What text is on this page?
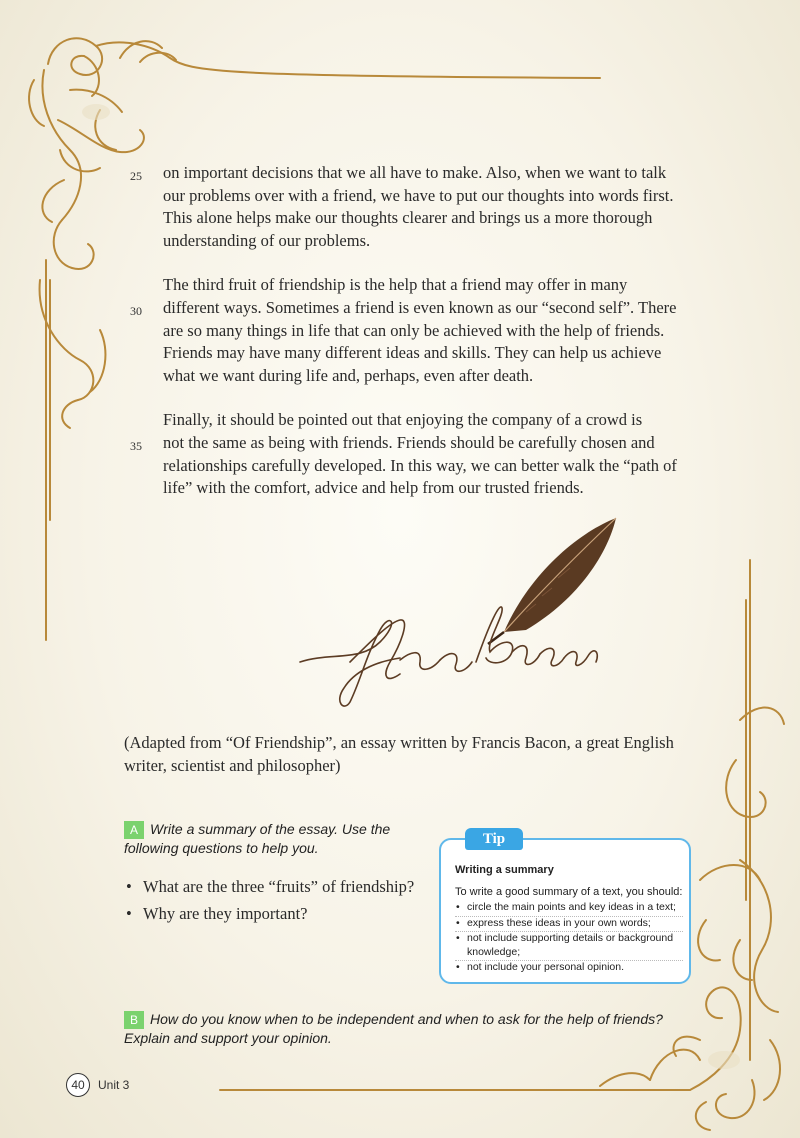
25 on important decisions that we all have to make. Also, when we want to talk
our problems over with a friend, we have to put our thoughts into words first.
This alone helps make our thoughts clearer and brings us a more thorough
understanding of our problems.
The third fruit of friendship is the help that a friend may offer in many
30 different ways. Sometimes a friend is even known as our “second self”. There
are so many things in life that can only be achieved with the help of friends.
Friends may have many different ideas and skills. They can help us achieve
what we want during life and, perhaps, even after death.
Finally, it should be pointed out that enjoying the company of a crowd is
35 not the same as being with friends. Friends should be carefully chosen and
relationships carefully developed. In this way, we can better walk the “path of
life” with the comfort, advice and help from our trusted friends.
(Adapted from “Of Friendship”, an essay written by Francis Bacon, a great English writer, scientist and philosopher)
A Write a summary of the essay. Use the following questions to help you.
• What are the three “fruits” of friendship?
• Why are they important?
Tip
Writing a summary
To write a good summary of a text, you should:
• circle the main points and key ideas in a text;
• express these ideas in your own words;
• not include supporting details or background knowledge;
• not include your personal opinion.
B How do you know when to be independent and when to ask for the help of friends? Explain and support your opinion.
40 Unit 3
